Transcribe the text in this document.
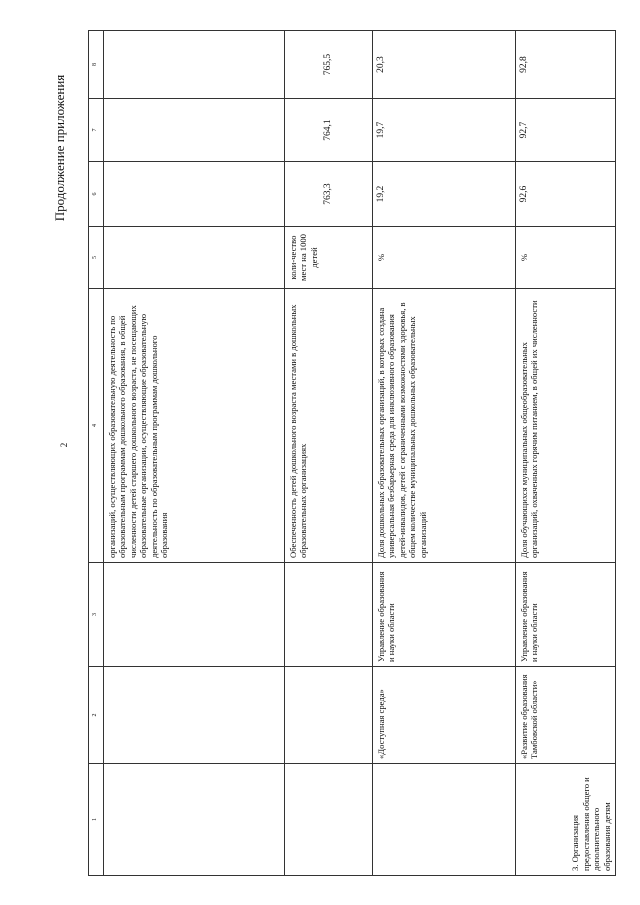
2
Продолжение приложения
1	2	3	4	5	6	7	8
			организаций, осуществляющих образовательную деятельность по образовательным программам дошкольного образования, в общей численности детей старшего дошкольного возраста, не посещающих образовательные организации, осуществляющие образовательную деятельность по образовательным программам дошкольного образования				
			Обеспеченность детей дошкольного возраста местами в дошкольных образовательных организациях	коли-чество мест на 1000 детей	763,3	764,1	765,5
	«Доступная среда»	Управление образования и науки области	Доля дошкольных образовательных организаций, в которых создана универсальная безбарьерная среда для инклюзивного образования детей-инвалидов, детей с ограниченными возможностями здоровья, в общем количестве муниципальных дошкольных образовательных организаций	%	19,2	19,7	20,3
3. Организация предоставления общего и дополнительного образования детям	«Развитие образования Тамбовской области»	Управление образования и науки области	Доля обучающихся муниципальных общеобразовательных организаций, охваченных горячим питанием, в общей их численности	%	92,6	92,7	92,8
